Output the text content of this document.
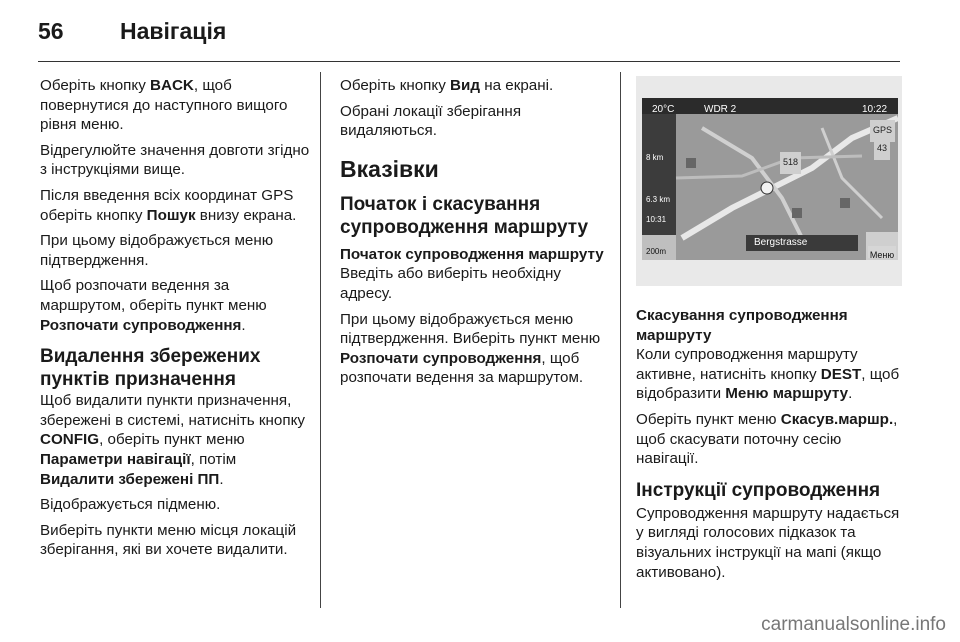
56	Навігація

Оберіть кнопку BACK, щоб повернутися до наступного вищого рівня меню.

Відрегулюйте значення довготи згідно з інструкціями вище.

Після введення всіх координат GPS оберіть кнопку Пошук внизу екрана.

При цьому відображується меню підтвердження.

Щоб розпочати ведення за маршрутом, оберіть пункт меню Розпочати супроводження.

Видалення збережених пунктів призначення

Щоб видалити пункти призначення, збережені в системі, натисніть кнопку CONFIG, оберіть пункт меню Параметри навігації, потім Видалити збережені ПП.

Відображується підменю.

Виберіть пункти меню місця локацій зберігання, які ви хочете видалити.

Оберіть кнопку Вид на екрані.

Обрані локації зберігання видаляються.

Вказівки
Початок і скасування супроводження маршруту
Початок супроводження маршруту

Введіть або виберіть необхідну адресу.

При цьому відображується меню підтвердження. Виберіть пункт меню Розпочати супроводження, щоб розпочати ведення за маршрутом.

20°C	WDR 2	10:22
GPS
43
518
8 km
6.3 km
10:31
200m
Bergstrasse
Меню
Скасування супроводження маршруту

Коли супроводження маршруту активне, натисніть кнопку DEST, щоб відобразити Меню маршруту.

Оберіть пункт меню Скасув.маршр., щоб скасувати поточну сесію навігації.

Інструкції супроводження

Супроводження маршруту надається у вигляді голосових підказок та візуальних інструкції на мапі (якщо активовано).

carmanualsonline.info
